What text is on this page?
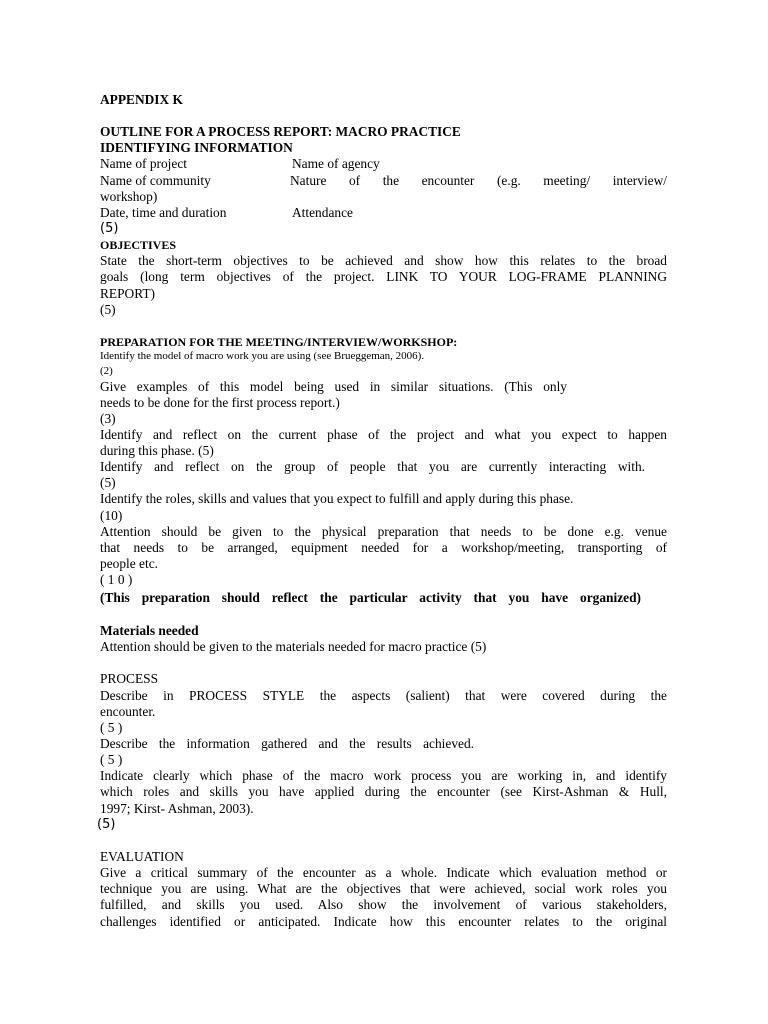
APPENDIX K
OUTLINE FOR A PROCESS REPORT: MACRO PRACTICE
IDENTIFYING INFORMATION
Name of project	Name of agency
Name of community	Nature of the encounter (e.g. meeting/ interview/
workshop)
Date, time and duration	Attendance
(5)
OBJECTIVES
State the short-term objectives to be achieved and show how this relates to the broad
goals (long term objectives of the project. LINK TO YOUR LOG-FRAME PLANNING
REPORT)
(5)
PREPARATION FOR THE MEETING/INTERVIEW/WORKSHOP:
Identify the model of macro work you are using (see Brueggeman, 2006).
(2)
Give examples of this model being used in similar situations. (This only
needs to be done for the first process report.)
(3)
Identify and reflect on the current phase of the project and what you expect to happen
during this phase. (5)
Identify and reflect on the group of people that you are currently interacting with.
(5)
Identify the roles, skills and values that you expect to fulfill and apply during this phase.
(10)
Attention should be given to the physical preparation that needs to be done e.g. venue
that needs to be arranged, equipment needed for a workshop/meeting, transporting of
people etc.
( 1 0 )
(This preparation should reflect the particular activity that you have organized)
Materials needed
Attention should be given to the materials needed for macro practice (5)
PROCESS
Describe in PROCESS STYLE the aspects (salient) that were covered during the
encounter.
( 5 )
Describe the information gathered and the results achieved.
( 5 )
Indicate clearly which phase of the macro work process you are working in, and identify
which roles and skills you have applied during the encounter (see Kirst-Ashman & Hull,
1997; Kirst- Ashman, 2003).
(5)
EVALUATION
Give a critical summary of the encounter as a whole. Indicate which evaluation method or
technique you are using. What are the objectives that were achieved, social work roles you
fulfilled, and skills you used. Also show the involvement of various stakeholders,
challenges identified or anticipated. Indicate how this encounter relates to the original
